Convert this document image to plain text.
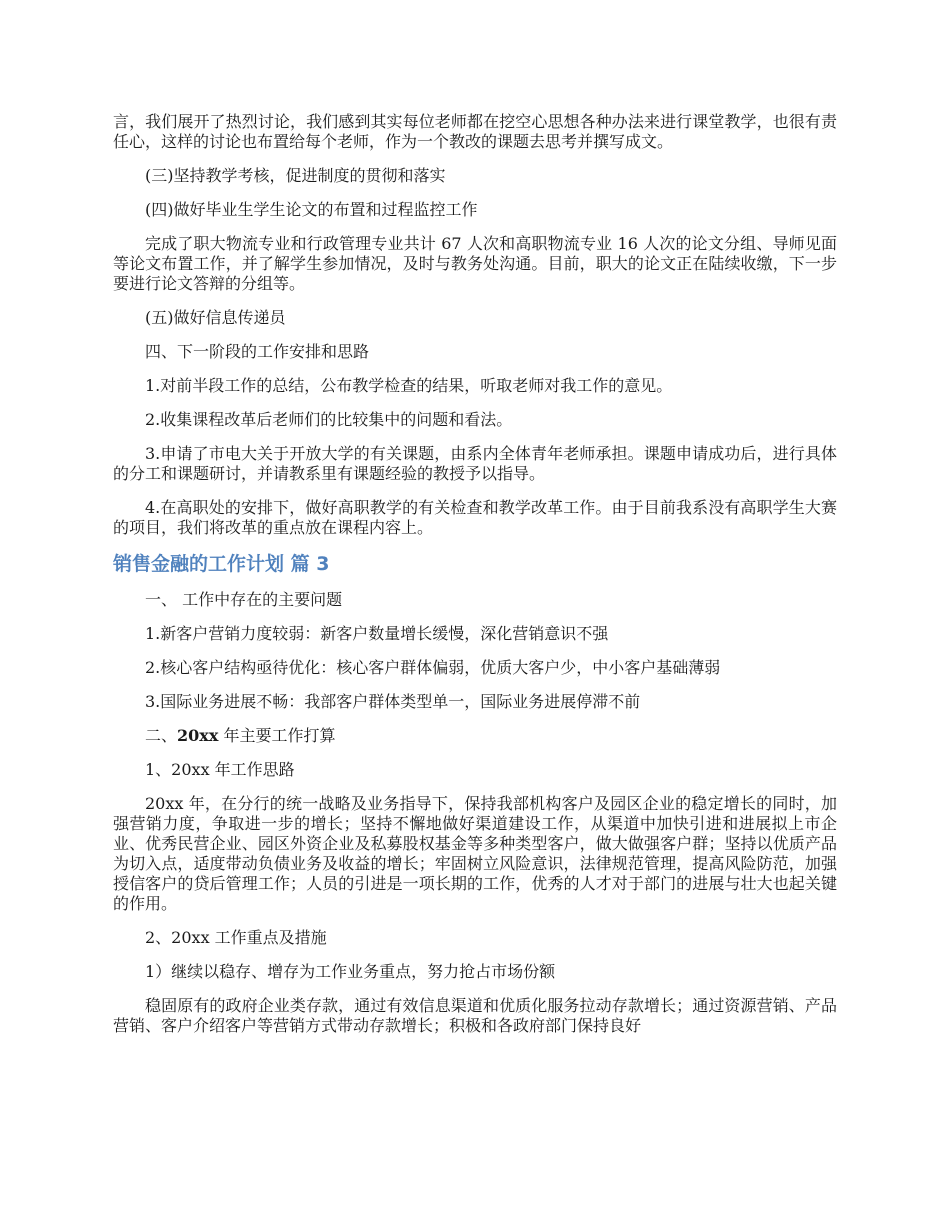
言，我们展开了热烈讨论，我们感到其实每位老师都在挖空心思想各种办法来进行课堂教学，也很有责任心，这样的讨论也布置给每个老师，作为一个教改的课题去思考并撰写成文。

(三)坚持教学考核，促进制度的贯彻和落实

(四)做好毕业生学生论文的布置和过程监控工作

完成了职大物流专业和行政管理专业共计 67 人次和高职物流专业 16 人次的论文分组、导师见面等论文布置工作，并了解学生参加情况，及时与教务处沟通。目前，职大的论文正在陆续收缴，下一步要进行论文答辩的分组等。

(五)做好信息传递员

四、下一阶段的工作安排和思路

1.对前半段工作的总结，公布教学检查的结果，听取老师对我工作的意见。

2.收集课程改革后老师们的比较集中的问题和看法。

3.申请了市电大关于开放大学的有关课题，由系内全体青年老师承担。课题申请成功后，进行具体的分工和课题研讨，并请教系里有课题经验的教授予以指导。

4.在高职处的安排下，做好高职教学的有关检查和教学改革工作。由于目前我系没有高职学生大赛的项目，我们将改革的重点放在课程内容上。

销售金融的工作计划 篇 3

一、 工作中存在的主要问题

1.新客户营销力度较弱：新客户数量增长缓慢，深化营销意识不强

2.核心客户结构亟待优化：核心客户群体偏弱，优质大客户少，中小客户基础薄弱

3.国际业务进展不畅：我部客户群体类型单一，国际业务进展停滞不前

二、20xx 年主要工作打算

1、20xx 年工作思路

20xx 年，在分行的统一战略及业务指导下，保持我部机构客户及园区企业的稳定增长的同时，加强营销力度，争取进一步的增长；坚持不懈地做好渠道建设工作，从渠道中加快引进和进展拟上市企业、优秀民营企业、园区外资企业及私募股权基金等多种类型客户，做大做强客户群；坚持以优质产品为切入点，适度带动负债业务及收益的增长；牢固树立风险意识，法律规范管理，提高风险防范，加强授信客户的贷后管理工作；人员的引进是一项长期的工作，优秀的人才对于部门的进展与壮大也起关键的作用。

2、20xx 工作重点及措施

1）继续以稳存、增存为工作业务重点，努力抢占市场份额

稳固原有的政府企业类存款，通过有效信息渠道和优质化服务拉动存款增长；通过资源营销、产品营销、客户介绍客户等营销方式带动存款增长；积极和各政府部门保持良好
